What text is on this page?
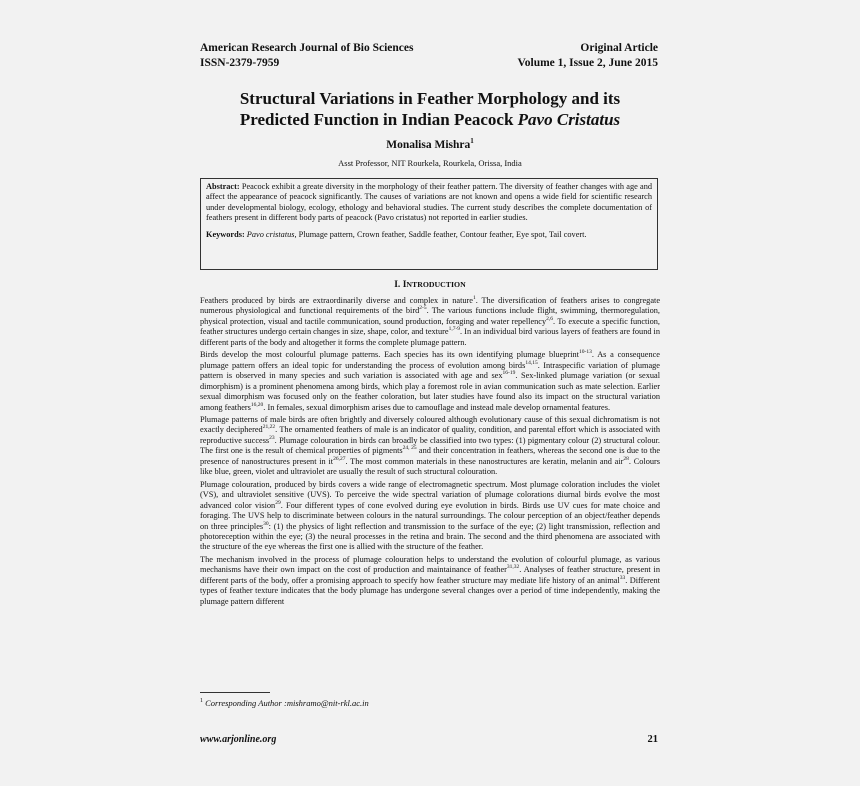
American Research Journal of Bio Sciences
ISSN-2379-7959
Original Article
Volume 1, Issue 2, June 2015
Structural Variations in Feather Morphology and its
Predicted Function in Indian Peacock Pavo Cristatus
Monalisa Mishra$^1$
Asst Professor, NIT Rourkela, Rourkela, Orissa, India

Abstract: Peacock exhibit a greate diversity in the morphology of their feather pattern. The diversity of feather changes with age and affect the appearance of peacock significantly. The causes of variations are not known and opens a wide field for scientific research under developmental biology, ecology, ethology and behavioral studies. The current study describes the complete documentation of feathers present in different body parts of peacock (Pavo cristatus) not reported in earlier studies.

Keywords: Pavo cristatus, Plumage pattern, Crown feather, Saddle feather, Contour feather, Eye spot, Tail covert.

I. INTRODUCTION

Feathers produced by birds are extraordinarily diverse and complex in nature$^1$. The diversification of feathers arises to congregate numerous physiological and functional requirements of the bird$^{2-5}$. The various functions include flight, swimming, thermoregulation, physical protection, visual and tactile communication, sound production, foraging and water repellency$^{2,6}$. To execute a specific function, feather structures undergo certain changes in size, shape, color, and texture$^{1,7-9}$. In an individual bird various layers of feathers are found in different parts of the body and altogether it forms the complete plumage pattern.

Birds develop the most colourful plumage patterns. Each species has its own identifying plumage blueprint$^{10-13}$. As a consequence plumage pattern offers an ideal topic for understanding the process of evolution among birds$^{14,15}$. Intraspecific variation of plumage pattern is observed in many species and such variation is associated with age and sex$^{16-19}$. Sex-linked plumage variation (or sexual dimorphism) is a prominent phenomena among birds, which play a foremost role in avian communication such as mate selection. Earlier sexual dimorphism was focused only on the feather coloration, but later studies have found also its impact on the structural variation among feathers$^{16,20}$. In females, sexual dimorphism arises due to camouflage and instead male develop ornamental features.

Plumage patterns of male birds are often brightly and diversely coloured although evolutionary cause of this sexual dichromatism is not exactly deciphered$^{21,22}$. The ornamented feathers of male is an indicator of quality, condition, and parental effort which is associated with reproductive success$^{23}$. Plumage colouration in birds can broadly be classified into two types: (1) pigmentary colour (2) structural colour. The first one is the result of chemical properties of pigments$^{24, 25}$ and their concentration in feathers, whereas the second one is due to the presence of nanostructures present in it$^{26,27}$. The most common materials in these nanostructures are keratin, melanin and air$^{28}$. Colours like blue, green, violet and ultraviolet are usually the result of such structural colouration.

Plumage colouration, produced by birds covers a wide range of electromagnetic spectrum. Most plumage coloration includes the violet (VS), and ultraviolet sensitive (UVS). To perceive the wide spectral variation of plumage colorations diurnal birds evolve the most advanced color vision$^{29}$. Four different types of cone evolved during eye evolution in birds. Birds use UV cues for mate choice and foraging. The UVS help to discriminate between colours in the natural surroundings. The colour perception of an object/feather depends on three principles$^{30}$: (1) the physics of light reflection and transmission to the surface of the eye; (2) light transmission, reflection and photoreception within the eye; (3) the neural processes in the retina and brain. The second and the third phenomena are associated with the structure of the eye whereas the first one is allied with the structure of the feather.

The mechanism involved in the process of plumage colouration helps to understand the evolution of colourful plumage, as various mechanisms have their own impact on the cost of production and maintainance of feather$^{31,32}$. Analyses of feather structure, present in different parts of the body, offer a promising approach to specify how feather structure may mediate life history of an animal$^{33}$. Different types of feather texture indicates that the body plumage has undergone several changes over a period of time independently, making the plumage pattern different

$^1$ Corresponding Author :mishramo@nit-rkl.ac.in
www.arjonline.org	21
